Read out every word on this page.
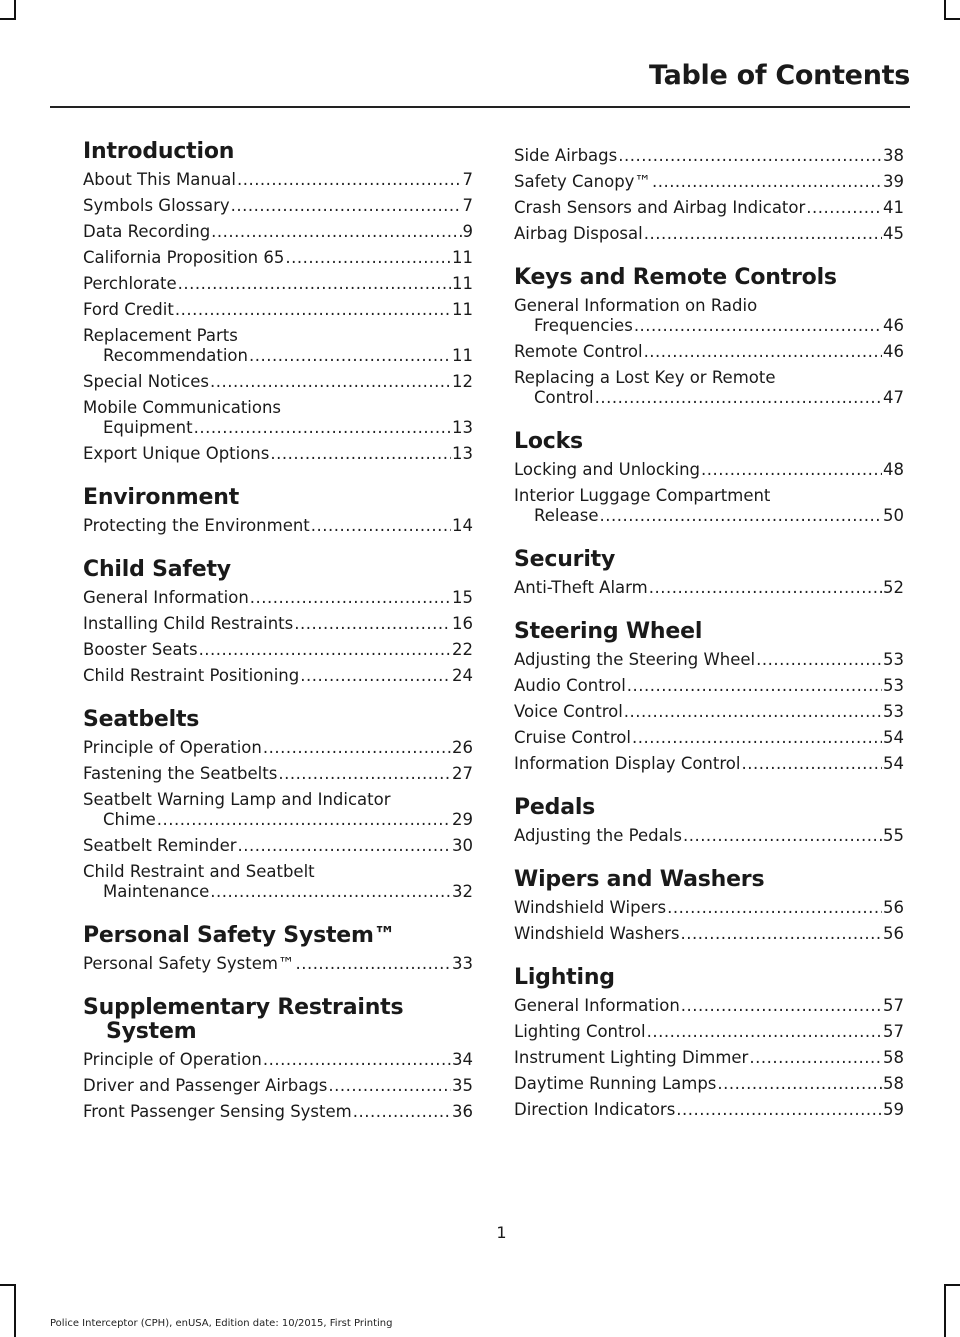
Table of Contents
Introduction
About This Manual .....	7
Symbols Glossary .....	7
Data Recording .....	9
California Proposition 65 .....	11
Perchlorate .....	11
Ford Credit .....	11
Replacement Parts
Recommendation .....	11
Special Notices .....	12
Mobile Communications
Equipment .....	13
Export Unique Options .....	13
Environment
Protecting the Environment .....	14
Child Safety
General Information .....	15
Installing Child Restraints .....	16
Booster Seats .....	22
Child Restraint Positioning .....	24
Seatbelts
Principle of Operation .....	26
Fastening the Seatbelts .....	27
Seatbelt Warning Lamp and Indicator
Chime .....	29
Seatbelt Reminder .....	30
Child Restraint and Seatbelt
Maintenance .....	32
Personal Safety System™
Personal Safety System™ .....	33
Supplementary Restraints System
Principle of Operation .....	34
Driver and Passenger Airbags .....	35
Front Passenger Sensing System .....	36
Side Airbags .....	38
Safety Canopy™ .....	39
Crash Sensors and Airbag Indicator .....	41
Airbag Disposal .....	45
Keys and Remote Controls
General Information on Radio
Frequencies .....	46
Remote Control .....	46
Replacing a Lost Key or Remote
Control .....	47
Locks
Locking and Unlocking .....	48
Interior Luggage Compartment
Release .....	50
Security
Anti-Theft Alarm .....	52
Steering Wheel
Adjusting the Steering Wheel .....	53
Audio Control .....	53
Voice Control .....	53
Cruise Control .....	54
Information Display Control .....	54
Pedals
Adjusting the Pedals .....	55
Wipers and Washers
Windshield Wipers .....	56
Windshield Washers .....	56
Lighting
General Information .....	57
Lighting Control .....	57
Instrument Lighting Dimmer .....	58
Daytime Running Lamps .....	58
Direction Indicators .....	59
1
Police Interceptor (CPH), enUSA, Edition date: 10/2015, First Printing
